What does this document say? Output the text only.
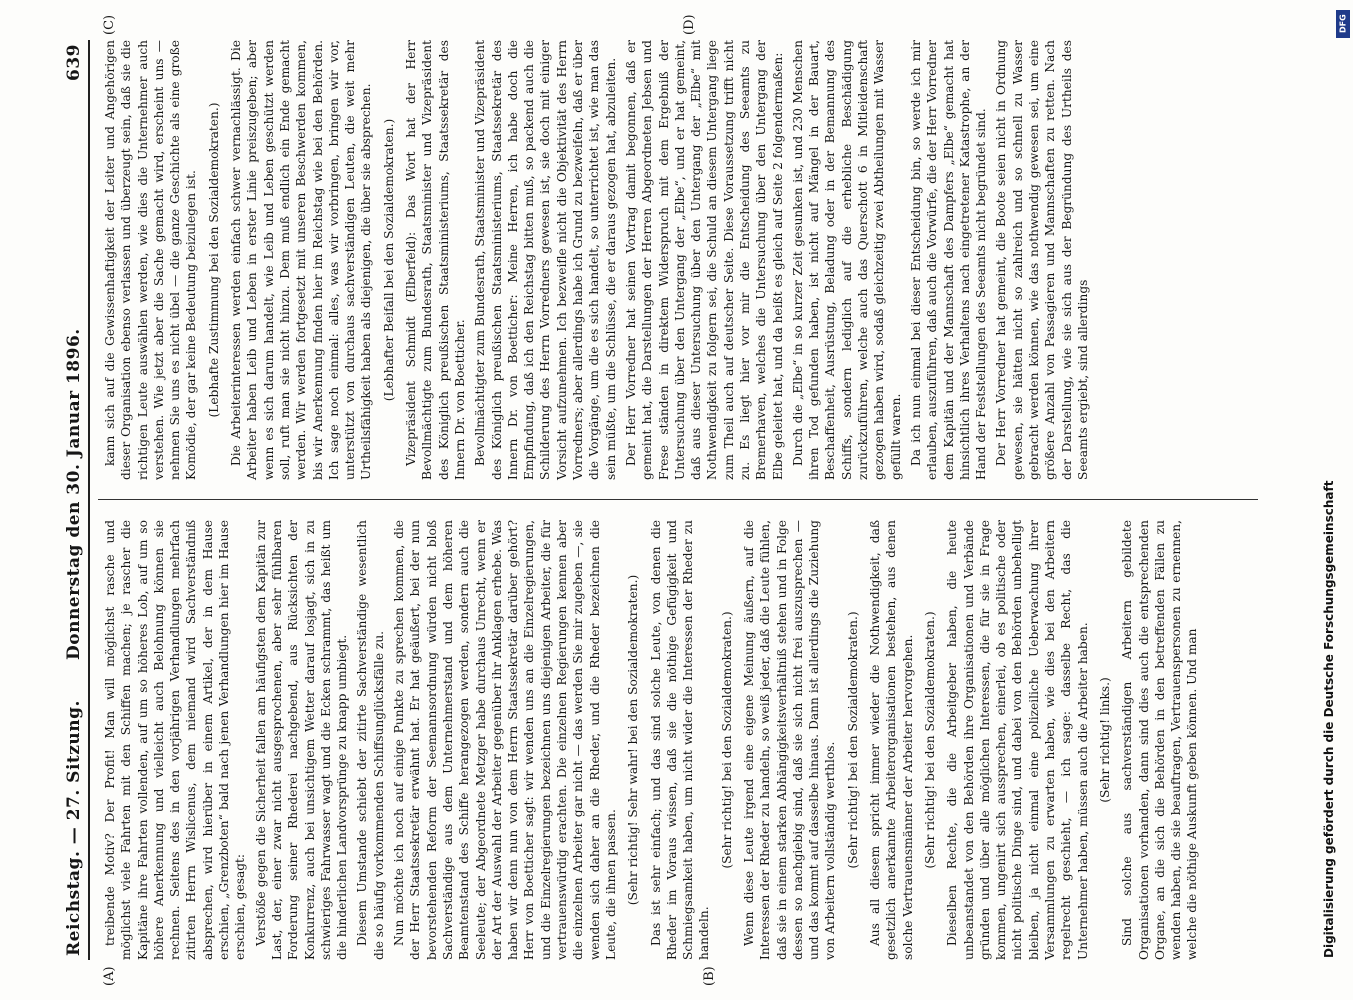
Reichstag. — 27. Sitzung.
Donnerstag den 30. Januar 1896.
639
(A)	(B)
(C)	(D)

treibende Motiv? Der Profit! Man will möglichst rasche und möglichst viele Fahrten mit den Schiffen machen; je rascher die Kapitäne ihre Fahrten vollenden, auf um so höheres Lob, auf um so höhere Anerkennung und vielleicht auch Belohnung können sie rechnen. Seitens des in den vorjährigen Verhandlungen mehrfach zitirten Herrn Wislicenus, dem niemand wird Sachverständniß absprechen, wird hierüber in einem Artikel, der in dem Hause erschien, „Grenzboten“ bald nach jenen Verhandlungen hier im Hause erschien, gesagt: Verstöße gegen die Sicherheit fallen am häufigsten dem Kapitän zur Last, der, einer zwar nicht ausgesprochenen, aber sehr fühlbaren Forderung seiner Rhederei nachgebend, aus Rücksichten der Konkurrenz, auch bei unsichtigem Wetter darauf losjagt, sich in zu schwieriges Fahrwasser wagt und die Ecken schrammt, das heißt um die hinderlichen Landvorsprünge zu knapp umbiegt. Diesem Umstande schiebt der zitirte Sachverständige wesentlich die so häufig vorkommenden Schiffsunglücksfälle zu. Nun möchte ich noch auf einige Punkte zu sprechen kommen, die der Herr Staatssekretär erwähnt hat. Er hat geäußert, bei der nun bevorstehenden Reform der Seemannsordnung würden nicht bloß Sachverständige aus dem Unternehmerstand und dem höheren Beamtenstand des Schiffe herangezogen werden, sondern auch die Seeleute; der Abgeordnete Metzger habe durchaus Unrecht, wenn er der Art der Auswahl der Arbeiter gegenüber ihr Anklagen erhebe. Was haben wir denn nun von dem Herrn Staatssekretär darüber gehört? Herr von Boetticher sagt: wir wenden uns an die Einzelregierungen, und die Einzelregierungen bezeichnen uns diejenigen Arbeiter, die für vertrauenswürdig erachten. Die einzelnen Regierungen kennen aber die einzelnen Arbeiter gar nicht — das werden Sie mir zugeben —, sie wenden sich daher an die Rheder, und die Rheder bezeichnen die Leute, die ihnen passen. (Sehr richtig! Sehr wahr! bei den Sozialdemokraten.) Das ist sehr einfach; und das sind solche Leute, von denen die Rheder im Voraus wissen, daß sie die nöthige Gefügigkeit und Schmiegsamkeit haben, um nicht wider die Interessen der Rheder zu handeln.

(Sehr richtig! bei den Sozialdemokraten.) Wenn diese Leute irgend eine eigene Meinung äußern, auf die Interessen der Rheder zu handeln, so weiß jeder, daß die Leute fühlen, daß sie in einem starken Abhängigkeitsverhältniß stehen und in Folge dessen so nachgiebig sind, daß sie sich nicht frei auszusprechen — und das kommt auf dasselbe hinaus. Dann ist allerdings die Zuziehung von Arbeitern vollständig werthlos. (Sehr richtig! bei den Sozialdemokraten.) Aus all diesem spricht immer wieder die Nothwendigkeit, daß gesetzlich anerkannte Arbeiterorganisationen bestehen, aus denen solche Vertrauensmänner der Arbeiter hervorgehen. (Sehr richtig! bei den Sozialdemokraten.) Dieselben Rechte, die die Arbeitgeber haben, die heute unbeanstandet von den Behörden ihre Organisationen und Verbände gründen und über alle möglichen Interessen, die für sie in Frage kommen, ungenirt sich aussprechen, einerlei, ob es politische oder nicht politische Dinge sind, und dabei von den Behörden unbehelligt bleiben, ja nicht einmal eine polizeiliche Ueberwachung ihrer Versammlungen zu erwarten haben, wie dies bei den Arbeitern regelrecht geschieht, — ich sage: dasselbe Recht, das die Unternehmer haben, müssen auch die Arbeiter haben. (Sehr richtig! links.) Sind solche aus sachverständigen Arbeitern gebildete Organisationen vorhanden, dann sind dies auch die entsprechenden Organe, an die sich die Behörden in den betreffenden Fällen zu wenden haben, die sie beauftragen, Vertrauenspersonen zu ernennen, welche die nöthige Auskunft geben können. Und man

kann sich auf die Gewissenhaftigkeit der Leiter und Angehörigen dieser Organisation ebenso verlassen und überzeugt sein, daß sie die richtigen Leute auswählen werden, wie dies die Unternehmer auch verstehen. Wie jetzt aber die Sache gemacht wird, erscheint uns — nehmen Sie uns es nicht übel — die ganze Geschichte als eine große Komödie, der gar keine Bedeutung beizulegen ist. (Lebhafte Zustimmung bei den Sozialdemokraten.) Die Arbeiterinteressen werden einfach schwer vernachlässigt. Die Arbeiter haben Leib und Leben in erster Linie preiszugeben; aber wenn es sich darum handelt, wie Leib und Leben geschützt werden soll, ruft man sie nicht hinzu. Dem muß endlich ein Ende gemacht werden. Wir werden fortgesetzt mit unseren Beschwerden kommen, bis wir Anerkennung finden hier im Reichstag wie bei den Behörden. Ich sage noch einmal: alles, was wir vorbringen, bringen wir vor, unterstützt von durchaus sachverständigen Leuten, die weit mehr Urtheilsfähigkeit haben als diejenigen, die über sie absprechen. (Lebhafter Beifall bei den Sozialdemokraten.) Vizepräsident Schmidt (Elberfeld): Das Wort hat der Herr Bevollmächtigte zum Bundesrath, Staatsminister und Vizepräsident des Königlich preußischen Staatsministeriums, Staatssekretär des Innern Dr. von Boetticher. Bevollmächtigter zum Bundesrath, Staatsminister und Vizepräsident des Königlich preußischen Staatsministeriums, Staatssekretär des Innern Dr. von Boetticher: Meine Herren, ich habe doch die Empfindung, daß ich den Reichstag bitten muß, so packend auch die Schilderung des Herrn Vorredners gewesen ist, sie doch mit einiger Vorsicht aufzunehmen. Ich bezweifle nicht die Objektivität des Herrn Vorredners; aber allerdings habe ich Grund zu bezweifeln, daß er über die Vorgänge, um die es sich handelt, so unterrichtet ist, wie man das sein müßte, um die Schlüsse, die er daraus gezogen hat, abzuleiten. Der Herr Vorredner hat seinen Vortrag damit begonnen, daß er gemeint hat, die Darstellungen der Herren Abgeordneten Jebsen und Frese ständen in direktem Widerspruch mit dem Ergebniß der Untersuchung über den Untergang der „Elbe“, und er hat gemeint, daß aus dieser Untersuchung über den Untergang der „Elbe“ mit Nothwendigkeit zu folgern sei, die Schuld an diesem Untergang liege zum Theil auch auf deutscher Seite. Diese Voraussetzung trifft nicht zu. Es liegt hier vor mir die Entscheidung des Seeamts zu Bremerhaven, welches die Untersuchung über den Untergang der Elbe geleitet hat, und da heißt es gleich auf Seite 2 folgendermaßen: Durch die „Elbe“ in so kurzer Zeit gesunken ist, und 230 Menschen ihren Tod gefunden haben, ist nicht auf Mängel in der Bauart, Beschaffenheit, Ausrüstung, Beladung oder in der Bemannung des Schiffs, sondern lediglich auf die erhebliche Beschädigung zurückzuführen, welche auch das Querschott 6 in Mitleidenschaft gezogen haben wird, sodaß gleichzeitig zwei Abtheilungen mit Wasser gefüllt waren. Da ich nun einmal bei dieser Entscheidung bin, so werde ich mir erlauben, auszuführen, daß auch die Vorwürfe, die der Herr Vorredner dem Kapitän und der Mannschaft des Dampfers „Elbe“ gemacht hat hinsichtlich ihres Verhaltens nach eingetretener Katastrophe, an der Hand der Feststellungen des Seeamts nicht begründet sind. Der Herr Vorredner hat gemeint, die Boote seien nicht in Ordnung gewesen, sie hätten nicht so zahlreich und so schnell zu Wasser gebracht werden können, wie das nothwendig gewesen sei, um eine größere Anzahl von Passagieren und Mannschaften zu retten. Nach der Darstellung, wie sie sich aus der Begründung des Urtheils des Seeamts ergiebt, sind allerdings

Digitalisierung gefördert durch die Deutsche Forschungsgemeinschaft
DFG
